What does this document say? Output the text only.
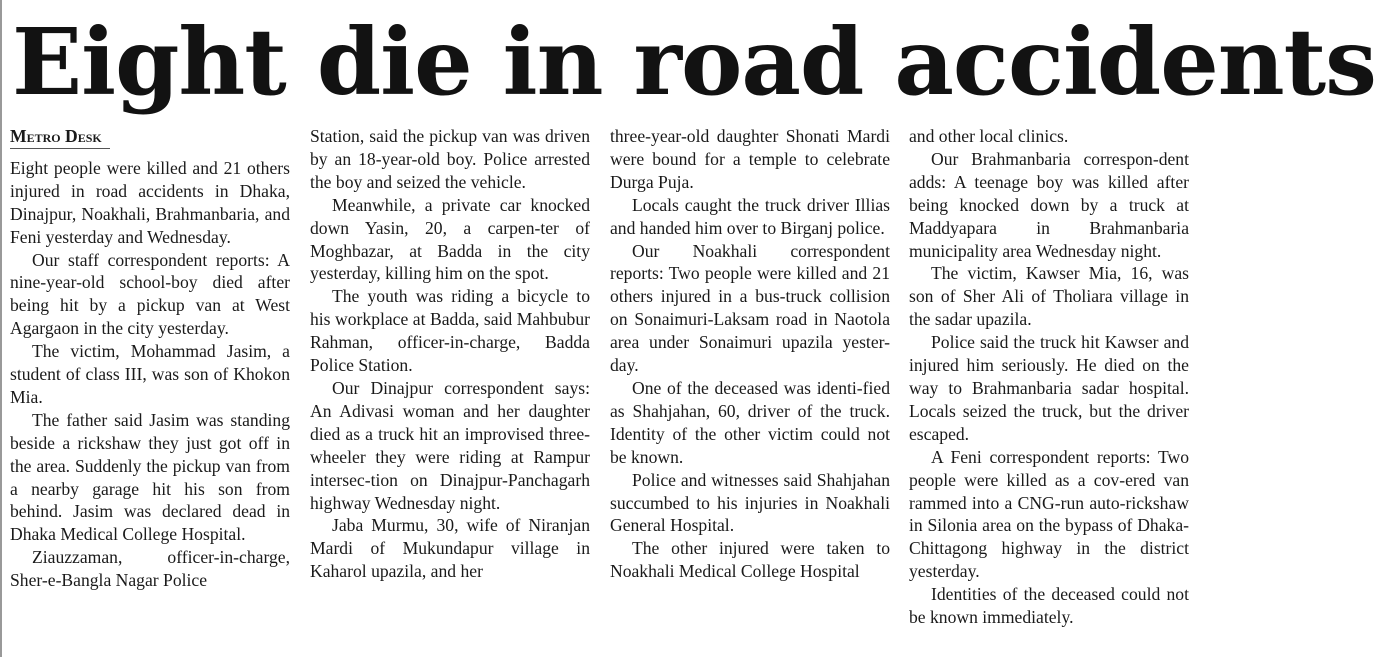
Eight die in road accidents
Metro Desk

Eight people were killed and 21 others injured in road accidents in Dhaka, Dinajpur, Noakhali, Brahmanbaria, and Feni yesterday and Wednesday.

Our staff correspondent reports: A nine-year-old school-boy died after being hit by a pickup van at West Agargaon in the city yesterday.

The victim, Mohammad Jasim, a student of class III, was son of Khokon Mia.

The father said Jasim was standing beside a rickshaw they just got off in the area. Suddenly the pickup van from a nearby garage hit his son from behind. Jasim was declared dead in Dhaka Medical College Hospital.

Ziauzzaman, officer-in-charge, Sher-e-Bangla Nagar Police

Station, said the pickup van was driven by an 18-year-old boy. Police arrested the boy and seized the vehicle.

Meanwhile, a private car knocked down Yasin, 20, a carpen-ter of Moghbazar, at Badda in the city yesterday, killing him on the spot.

The youth was riding a bicycle to his workplace at Badda, said Mahbubur Rahman, officer-in-charge, Badda Police Station.

Our Dinajpur correspondent says: An Adivasi woman and her daughter died as a truck hit an improvised three-wheeler they were riding at Rampur intersec-tion on Dinajpur-Panchagarh highway Wednesday night.

Jaba Murmu, 30, wife of Niranjan Mardi of Mukundapur village in Kaharol upazila, and her

three-year-old daughter Shonati Mardi were bound for a temple to celebrate Durga Puja.

Locals caught the truck driver Illias and handed him over to Birganj police.

Our Noakhali correspondent reports: Two people were killed and 21 others injured in a bus-truck collision on Sonaimuri-Laksam road in Naotola area under Sonaimuri upazila yester-day.

One of the deceased was identi-fied as Shahjahan, 60, driver of the truck. Identity of the other victim could not be known.

Police and witnesses said Shahjahan succumbed to his injuries in Noakhali General Hospital.

The other injured were taken to Noakhali Medical College Hospital

and other local clinics.

Our Brahmanbaria correspon-dent adds: A teenage boy was killed after being knocked down by a truck at Maddyapara in Brahmanbaria municipality area Wednesday night.

The victim, Kawser Mia, 16, was son of Sher Ali of Tholiara village in the sadar upazila.

Police said the truck hit Kawser and injured him seriously. He died on the way to Brahmanbaria sadar hospital. Locals seized the truck, but the driver escaped.

A Feni correspondent reports: Two people were killed as a cov-ered van rammed into a CNG-run auto-rickshaw in Silonia area on the bypass of Dhaka-Chittagong highway in the district yesterday.

Identities of the deceased could not be known immediately.
